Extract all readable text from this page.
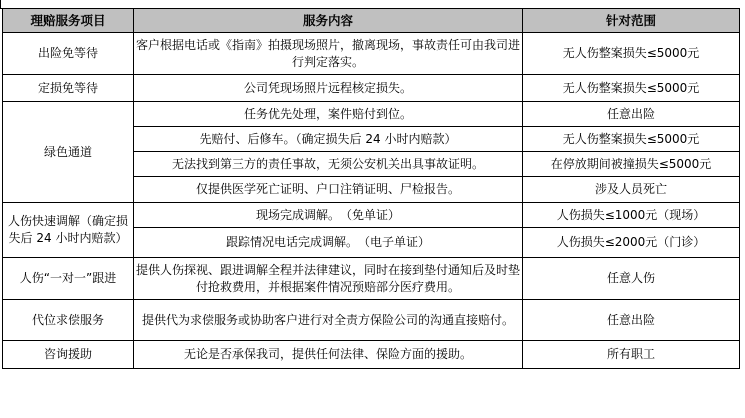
理赔服务项目	服务内容	针对范围
出险免等待	客户根据电话或《指南》拍摄现场照片，撤离现场，事故责任可由我司进行判定落实。	无人伤整案损失≤5000元
定损免等待	公司凭现场照片远程核定损失。	无人伤整案损失≤5000元
绿色通道	任务优先处理，案件赔付到位。	任意出险
	先赔付、后修车。（确定损失后 24 小时内赔款）	无人伤整案损失≤5000元
	无法找到第三方的责任事故，无须公安机关出具事故证明。	在停放期间被撞损失≤5000元
	仅提供医学死亡证明、户口注销证明、尸检报告。	涉及人员死亡
人伤快速调解（确定损失后 24 小时内赔款）	现场完成调解。　（免单证）	人伤损失≤1000元（现场）
	跟踪情况电话完成调解。　（电子单证）	人伤损失≤2000元（门诊）
人伤“一对一”跟进	提供人伤探视、跟进调解全程并法律建议，同时在接到垫付通知后及时垫付抢救费用，并根据案件情况预赔部分医疗费用。	任意人伤
代位求偿服务	提供代为求偿服务或协助客户进行对全责方保险公司的沟通直接赔付。	任意出险
咨询援助	无论是否承保我司，提供任何法律、保险方面的援助。	所有职工
